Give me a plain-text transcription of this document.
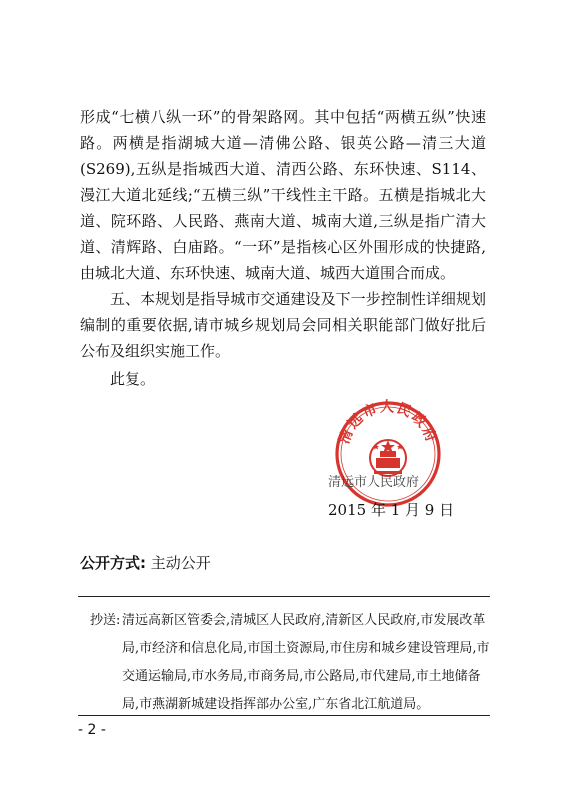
形成“七横八纵一环”的骨架路网。其中包括“两横五纵”快速路。两横是指湖城大道—清佛公路、银英公路—清三大道(S269),五纵是指城西大道、清西公路、东环快速、S114、漫江大道北延线;“五横三纵”干线性主干路。五横是指城北大道、院环路、人民路、燕南大道、城南大道,三纵是指广清大道、清辉路、白庙路。“一环”是指核心区外围形成的快捷路,由城北大道、东环快速、城南大道、城西大道围合而成。

五、本规划是指导城市交通建设及下一步控制性详细规划编制的重要依据,请市城乡规划局会同相关职能部门做好批后公布及组织实施工作。

此复。

清远市人民政府
清远市人民政府
2015 年 1 月 9 日
公开方式: 主动公开
抄送: 清远高新区管委会,清城区人民政府,清新区人民政府,市发展改革局,市经济和信息化局,市国土资源局,市住房和城乡建设管理局,市交通运输局,市水务局,市商务局,市公路局,市代建局,市土地储备局,市燕湖新城建设指挥部办公室,广东省北江航道局。
- 2 -
